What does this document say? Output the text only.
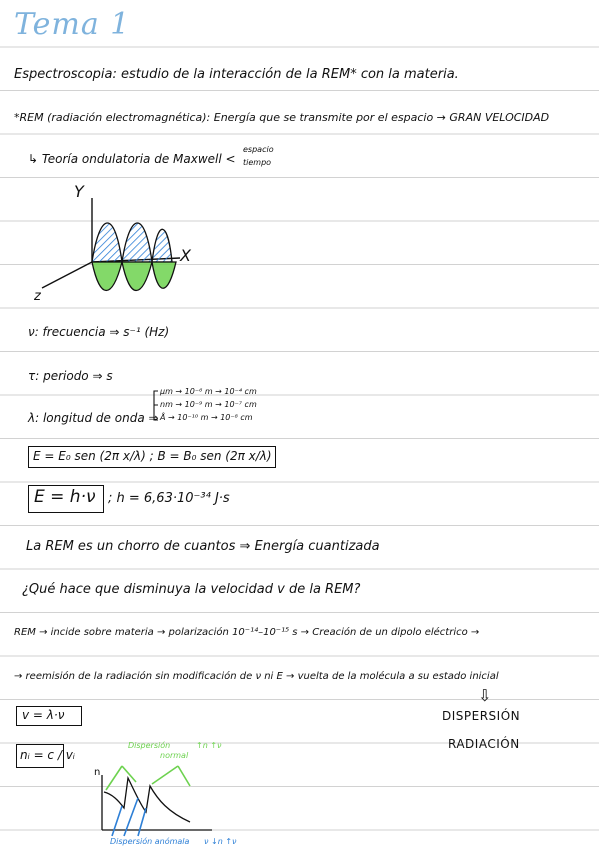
Tema 1
Espectroscopia: estudio de la interacción de la REM* con la materia.
*REM (radiación electromagnética): Energía que se transmite por el espacio → GRAN VELOCIDAD
↳ Teoría ondulatoria de Maxwell <
espacio
tiempo
Y
X
z
ν: frecuencia ⇒ s⁻¹ (Hz)
τ: periodo ⇒ s
λ: longitud de onda ⇒
μm → 10⁻⁶ m → 10⁻⁴ cm
nm → 10⁻⁹ m → 10⁻⁷ cm
Å → 10⁻¹⁰ m → 10⁻⁸ cm
E = E₀ sen (2π x/λ) ; B = B₀ sen (2π x/λ)
E = h·ν ; h = 6,63·10⁻³⁴ J·s
La REM es un chorro de cuantos ⇒ Energía cuantizada
¿Qué hace que disminuya la velocidad v de la REM?
REM → incide sobre materia → polarización 10⁻¹⁴–10⁻¹⁵ s → Creación de un dipolo eléctrico →
→ reemisión de la radiación sin modificación de ν ni E → vuelta de la molécula a su estado inicial
⇩
DISPERSIÓN
RADIACIÓN
v = λ·ν
nᵢ = c / vᵢ
n
Dispersión
normal
↑n ↑ν
Dispersión anómala ν ↓n ↑ν
